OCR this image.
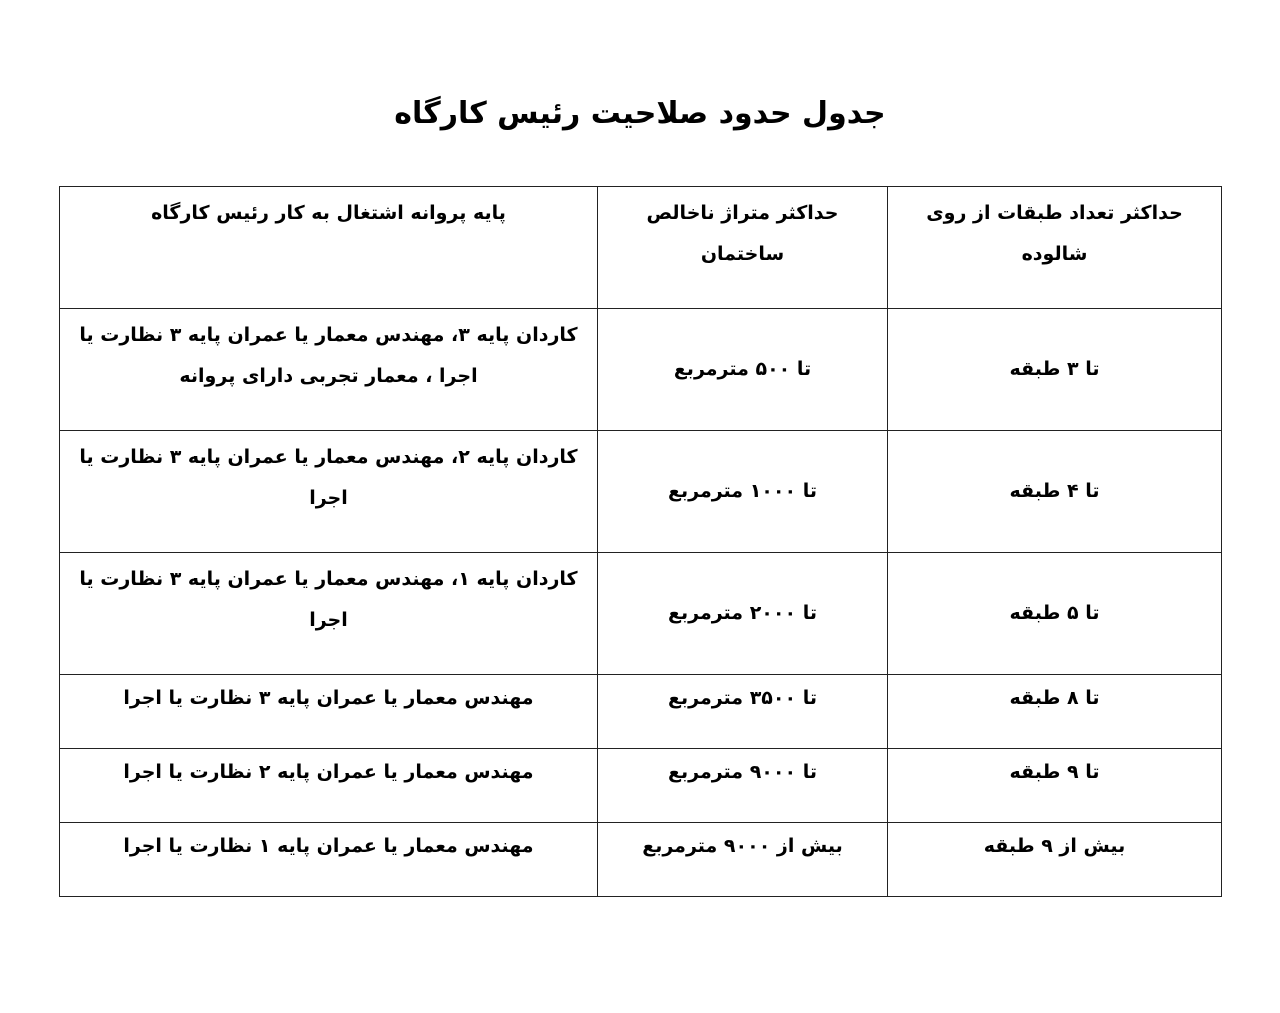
جدول حدود صلاحیت رئیس کارگاه
حداکثر تعداد طبقات از روی شالوده	حداکثر متراژ ناخالص ساختمان	پایه پروانه اشتغال به کار رئیس کارگاه
تا ۳ طبقه	تا ۵۰۰ مترمربع	کاردان پایه ۳، مهندس معمار یا عمران پایه ۳ نظارت یا اجرا ، معمار تجربی دارای پروانه
تا ۴ طبقه	تا ۱۰۰۰ مترمربع	کاردان پایه ۲، مهندس معمار یا عمران پایه ۳ نظارت یا اجرا
تا ۵ طبقه	تا ۲۰۰۰ مترمربع	کاردان پایه ۱، مهندس معمار یا عمران پایه ۳ نظارت یا اجرا
تا ۸ طبقه	تا ۳۵۰۰ مترمربع	مهندس معمار یا عمران پایه ۳ نظارت یا اجرا
تا ۹ طبقه	تا ۹۰۰۰ مترمربع	مهندس معمار یا عمران پایه ۲ نظارت یا اجرا
بیش از ۹ طبقه	بیش از ۹۰۰۰ مترمربع	مهندس معمار یا عمران پایه ۱ نظارت یا اجرا
